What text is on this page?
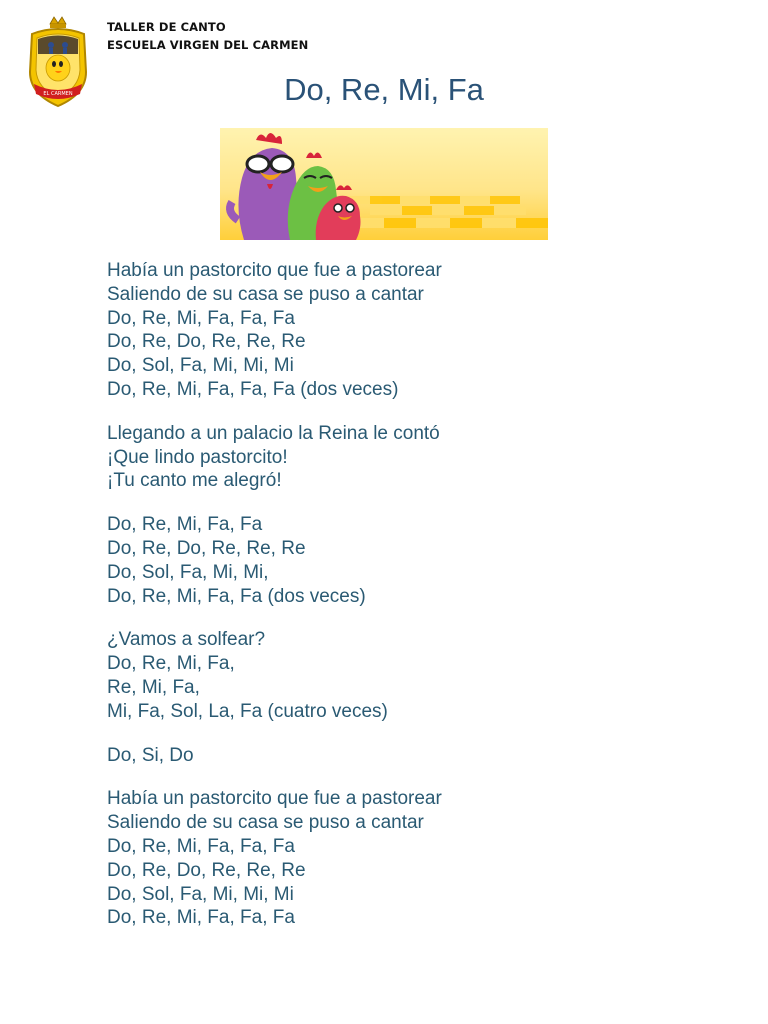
EL CARMEN
TALLER DE CANTO
ESCUELA VIRGEN DEL CARMEN
Do, Re, Mi, Fa
Había un pastorcito que fue a pastorear
Saliendo de su casa se puso a cantar
Do, Re, Mi, Fa, Fa, Fa
Do, Re, Do, Re, Re, Re
Do, Sol, Fa, Mi, Mi, Mi
Do, Re, Mi, Fa, Fa, Fa (dos veces)
Llegando a un palacio la Reina le contó
¡Que lindo pastorcito!
¡Tu canto me alegró!
Do, Re, Mi, Fa, Fa
Do, Re, Do, Re, Re, Re
Do, Sol, Fa, Mi, Mi,
Do, Re, Mi, Fa, Fa (dos veces)
¿Vamos a solfear?
Do, Re, Mi, Fa,
Re, Mi, Fa,
Mi, Fa, Sol, La, Fa (cuatro veces)
Do, Si, Do
Había un pastorcito que fue a pastorear
Saliendo de su casa se puso a cantar
Do, Re, Mi, Fa, Fa, Fa
Do, Re, Do, Re, Re, Re
Do, Sol, Fa, Mi, Mi, Mi
Do, Re, Mi, Fa, Fa, Fa
